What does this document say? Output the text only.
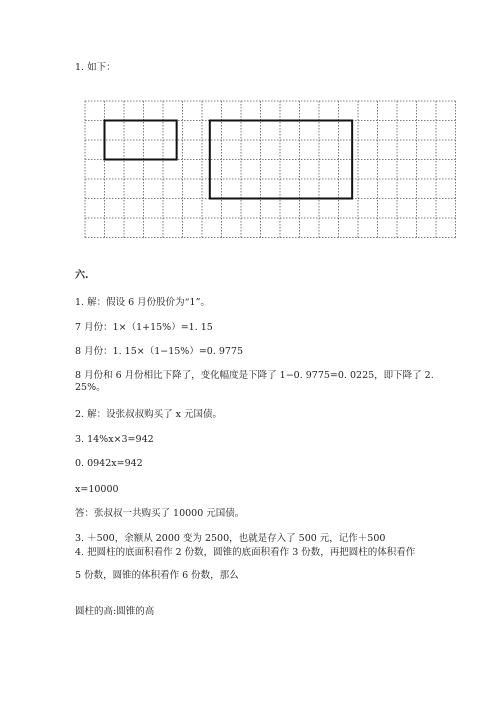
1. 如下：
六.
1. 解：假设 6 月份股价为“1”。
7 月份：1×（1+15%）=1. 15
8 月份：1. 15×（1−15%）=0. 9775
8 月份和 6 月份相比下降了，变化幅度是下降了 1−0. 9775=0. 0225，即下降了 2. 25%。
2. 解：设张叔叔购买了 x 元国债。
3. 14%x×3=942
0. 0942x=942
x=10000
答：张叔叔一共购买了 10000 元国债。
3. ＋500，余额从 2000 变为 2500，也就是存入了 500 元，记作＋500
4. 把圆柱的底面积看作 2 份数，圆锥的底面积看作 3 份数，再把圆柱的体积看作
5 份数，圆锥的体积看作 6 份数，那么
圆柱的高:圆锥的高
